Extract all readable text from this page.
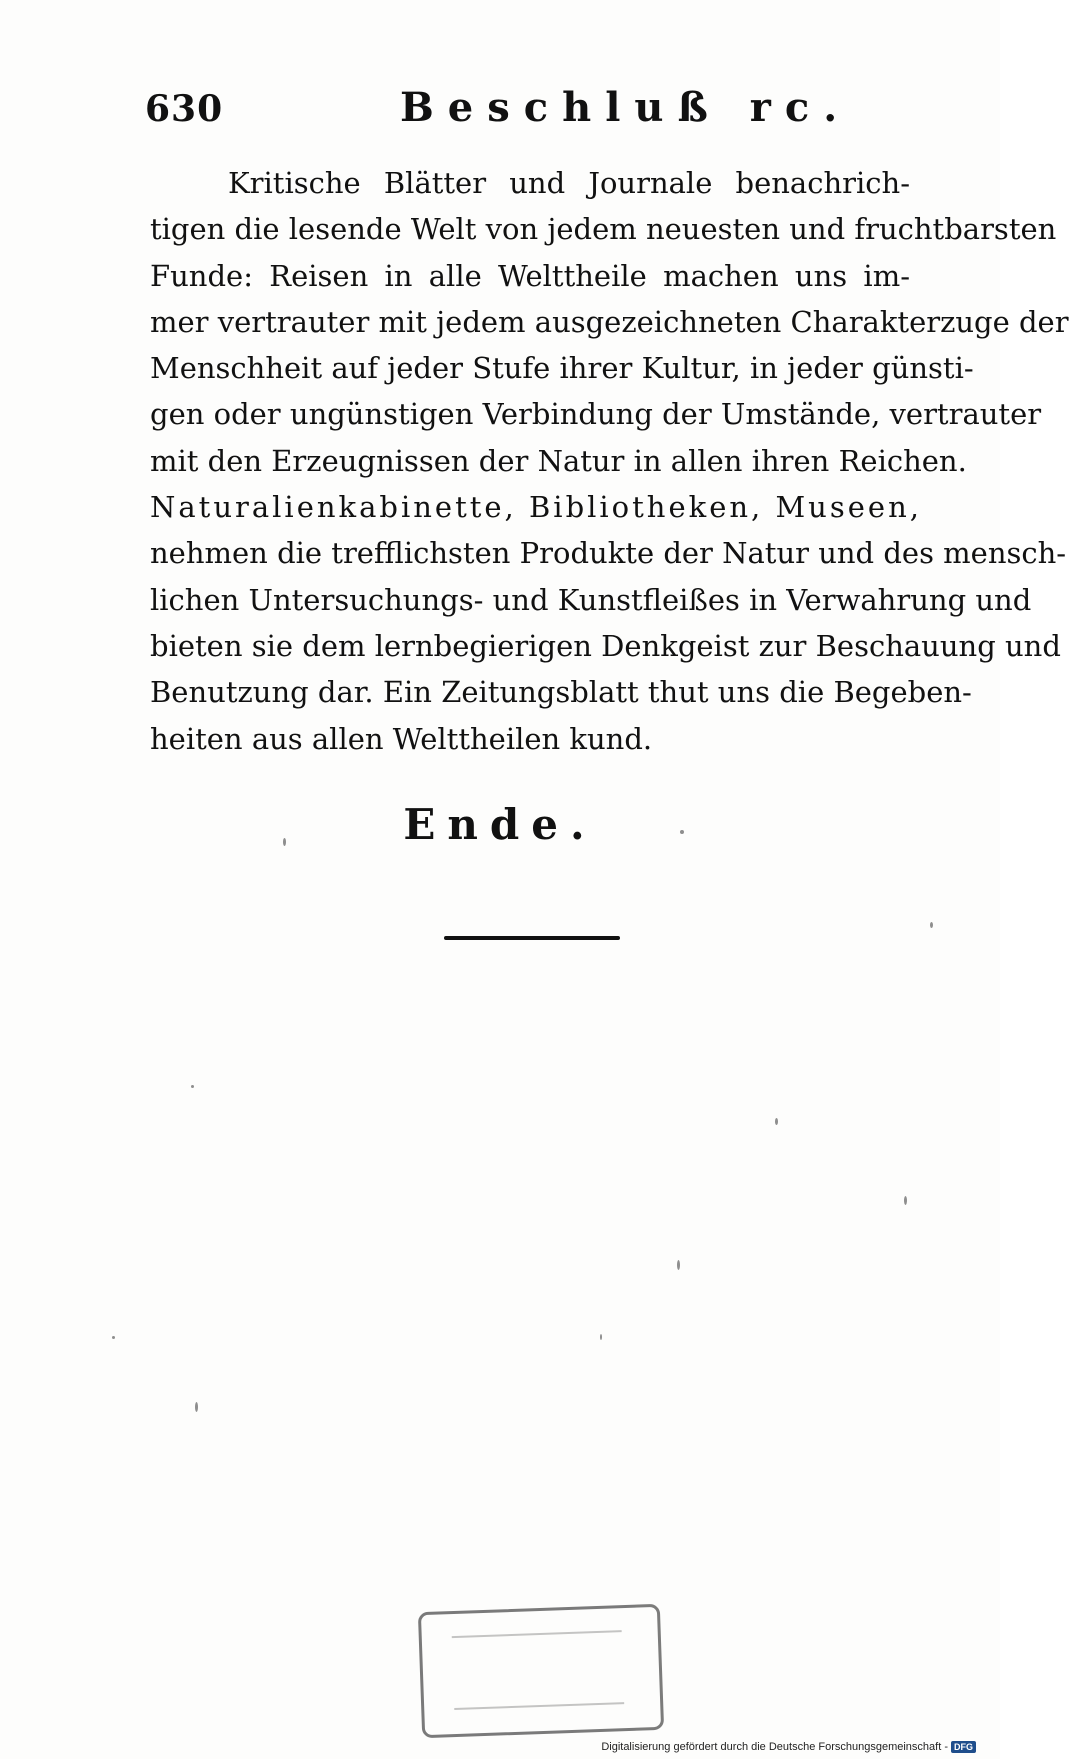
630	Beschluß rc.
Kritische Blätter und Journale benachrich-
tigen die lesende Welt von jedem neuesten und fruchtbarsten
Funde: Reisen in alle Welttheile machen uns im-
mer vertrauter mit jedem ausgezeichneten Charakterzuge der
Menschheit auf jeder Stufe ihrer Kultur, in jeder günsti-
gen oder ungünstigen Verbindung der Umstände, vertrauter
mit den Erzeugnissen der Natur in allen ihren Reichen.
Naturalienkabinette, Bibliotheken, Museen,
nehmen die trefflichsten Produkte der Natur und des mensch-
lichen Untersuchungs- und Kunstfleißes in Verwahrung und
bieten sie dem lernbegierigen Denkgeist zur Beschauung und
Benutzung dar. Ein Zeitungsblatt thut uns die Begeben-
heiten aus allen Welttheilen kund.
Ende.
Digitalisierung gefördert durch die Deutsche Forschungsgemeinschaft - DFG
